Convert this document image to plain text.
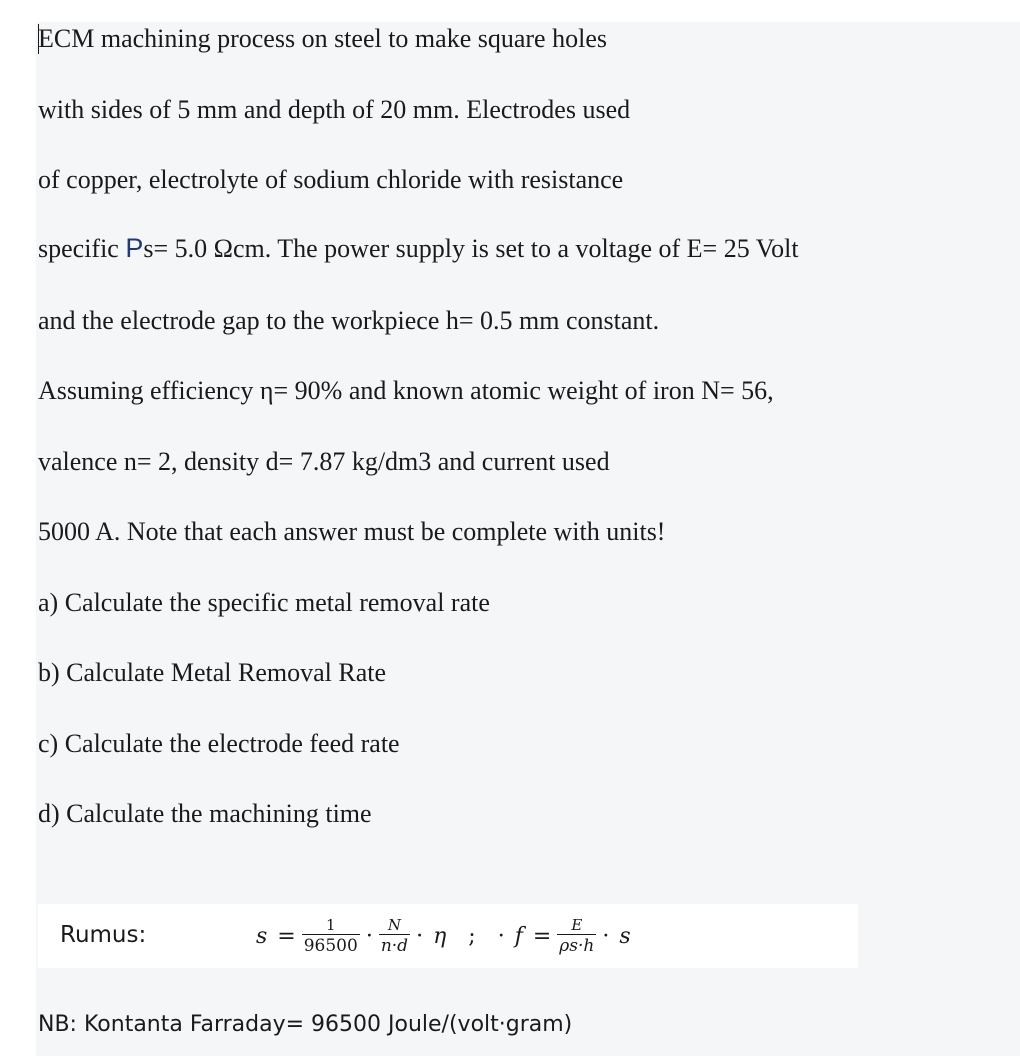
ECM machining process on steel to make square holes
with sides of 5 mm and depth of 20 mm. Electrodes used
of copper, electrolyte of sodium chloride with resistance
specific Ps= 5.0 Ωcm. The power supply is set to a voltage of E= 25 Volt
and the electrode gap to the workpiece h= 0.5 mm constant.
Assuming efficiency η= 90% and known atomic weight of iron N= 56,
valence n= 2, density d= 7.87 kg/dm3 and current used
5000 A. Note that each answer must be complete with units!
a) Calculate the specific metal removal rate
b) Calculate Metal Removal Rate
c) Calculate the electrode feed rate
d) Calculate the machining time
Rumus:	$s = \frac{1}{96500} \cdot \frac{N}{n\cdot d} \cdot \eta$ ; · $f = \frac{E}{\rho s\cdot h} \cdot s$
NB: Kontanta Farraday= 96500 Joule/(volt·gram)
